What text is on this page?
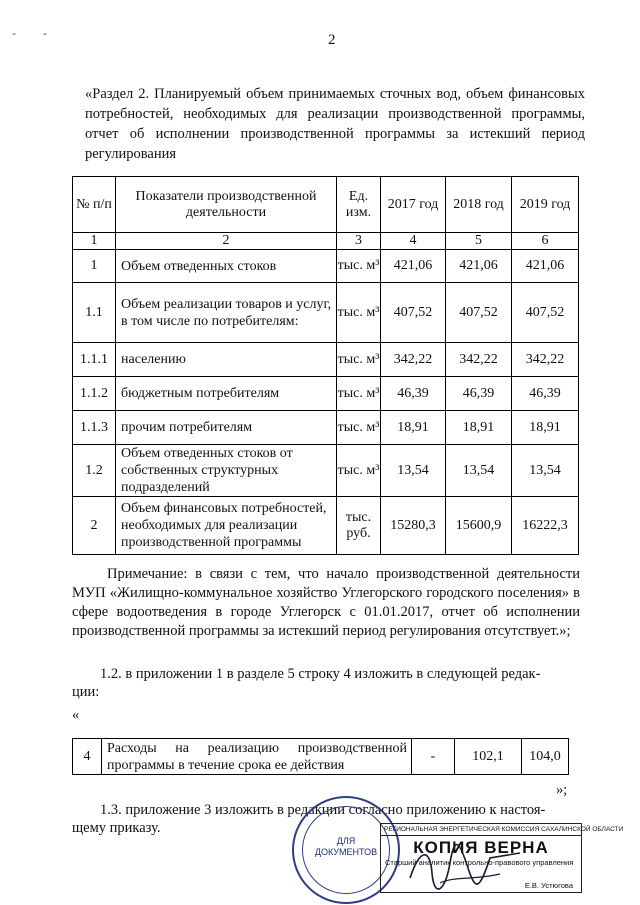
- -	2
«Раздел 2. Планируемый объем принимаемых сточных вод, объем финансовых потребностей, необходимых для реализации производственной программы, отчет об исполнении производственной программы за истекший период регулирования
№ п/п	Показатели производственной деятельности	Ед. изм.	2017 год	2018 год	2019 год
1	2	3	4	5	6
1	Объем отведенных стоков	тыс. м³	421,06	421,06	421,06
1.1	Объем реализации товаров и услуг, в том числе по потребителям:	тыс. м³	407,52	407,52	407,52
1.1.1	населению	тыс. м³	342,22	342,22	342,22
1.1.2	бюджетным потребителям	тыс. м³	46,39	46,39	46,39
1.1.3	прочим потребителям	тыс. м³	18,91	18,91	18,91
1.2	Объем отведенных стоков от собственных структурных подразделений	тыс. м³	13,54	13,54	13,54
2	Объем финансовых потребностей, необходимых для реализации производственной программы	тыс. руб.	15280,3	15600,9	16222,3
Примечание: в связи с тем, что начало производственной деятельности МУП «Жилищно-коммунальное хозяйство Углегорского городского поселения» в сфере водоотведения в городе Углегорск с 01.01.2017, отчет об исполнении производственной программы за истекший период регулирования отсутствует.»;
1.2. в приложении 1 в разделе 5 строку 4 изложить в следующей редак-
ции:
«
4	Расходы на реализацию производственной программы в течение срока ее действия	-	102,1	104,0
»;
1.3. приложение 3 изложить в редакции согласно приложению к настоя-
щему приказу.
ДЛЯ ДОКУМЕНТОВ
РЕГИОНАЛЬНАЯ ЭНЕРГЕТИЧЕСКАЯ КОМИССИЯ САХАЛИНСКОЙ ОБЛАСТИ
КОПИЯ ВЕРНА
Старший аналитик контрольно-правового управления
Е.В. Устюгова
